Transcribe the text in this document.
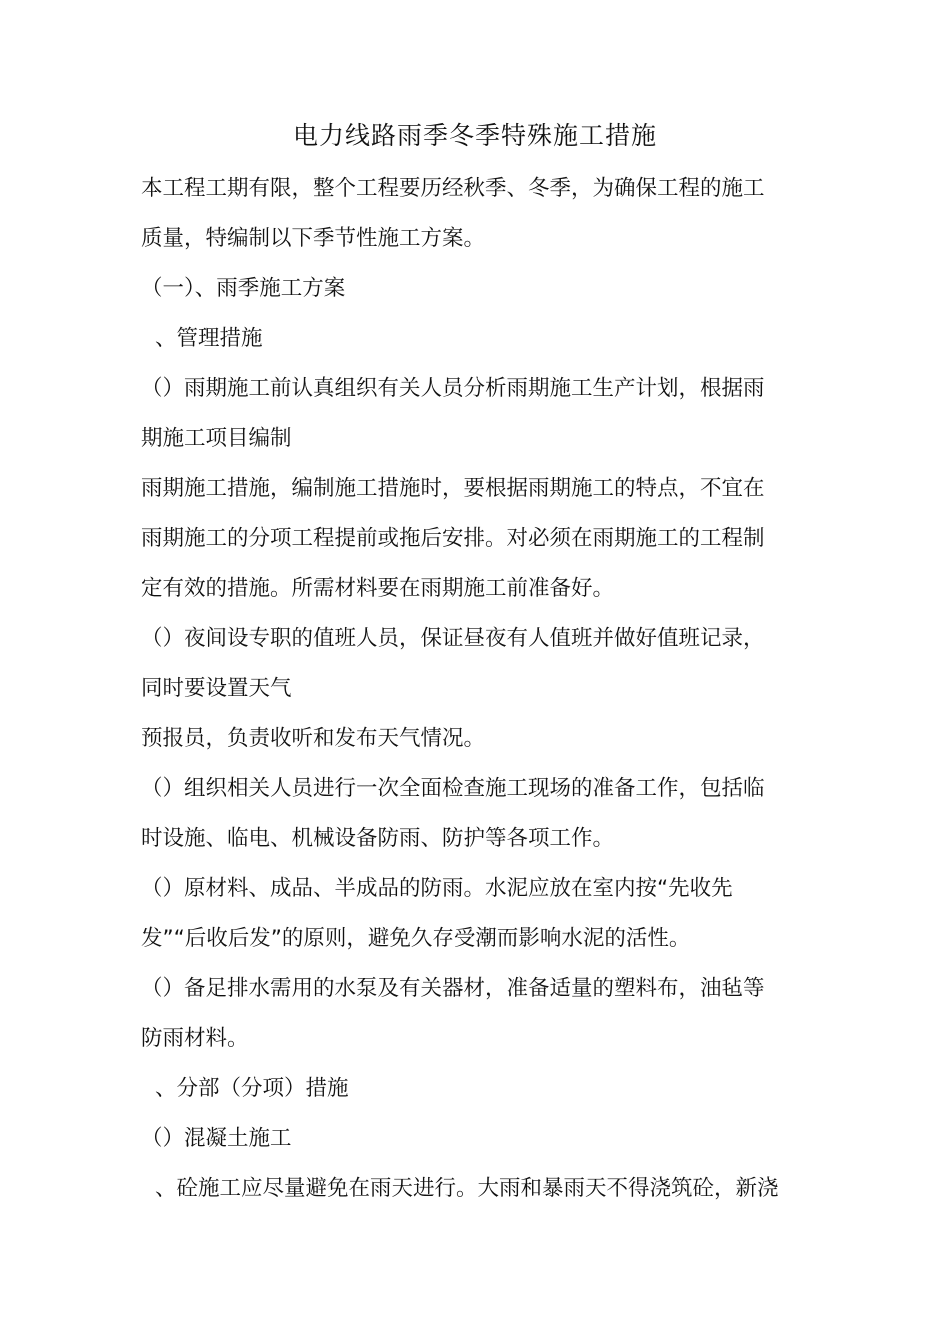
电力线路雨季冬季特殊施工措施
本工程工期有限，整个工程要历经秋季、冬季，为确保工程的施工
质量，特编制以下季节性施工方案。
（一）、雨季施工方案
、管理措施
（）雨期施工前认真组织有关人员分析雨期施工生产计划，根据雨
期施工项目编制
雨期施工措施，编制施工措施时，要根据雨期施工的特点，不宜在
雨期施工的分项工程提前或拖后安排。对必须在雨期施工的工程制
定有效的措施。所需材料要在雨期施工前准备好。
（）夜间设专职的值班人员，保证昼夜有人值班并做好值班记录，
同时要设置天气
预报员，负责收听和发布天气情况。
（）组织相关人员进行一次全面检查施工现场的准备工作，包括临
时设施、临电、机械设备防雨、防护等各项工作。
（）原材料、成品、半成品的防雨。水泥应放在室内按“先收先
发”“后收后发”的原则，避免久存受潮而影响水泥的活性。
（）备足排水需用的水泵及有关器材，准备适量的塑料布，油毡等
防雨材料。
、分部（分项）措施
（）混凝土施工
、砼施工应尽量避免在雨天进行。大雨和暴雨天不得浇筑砼，新浇
